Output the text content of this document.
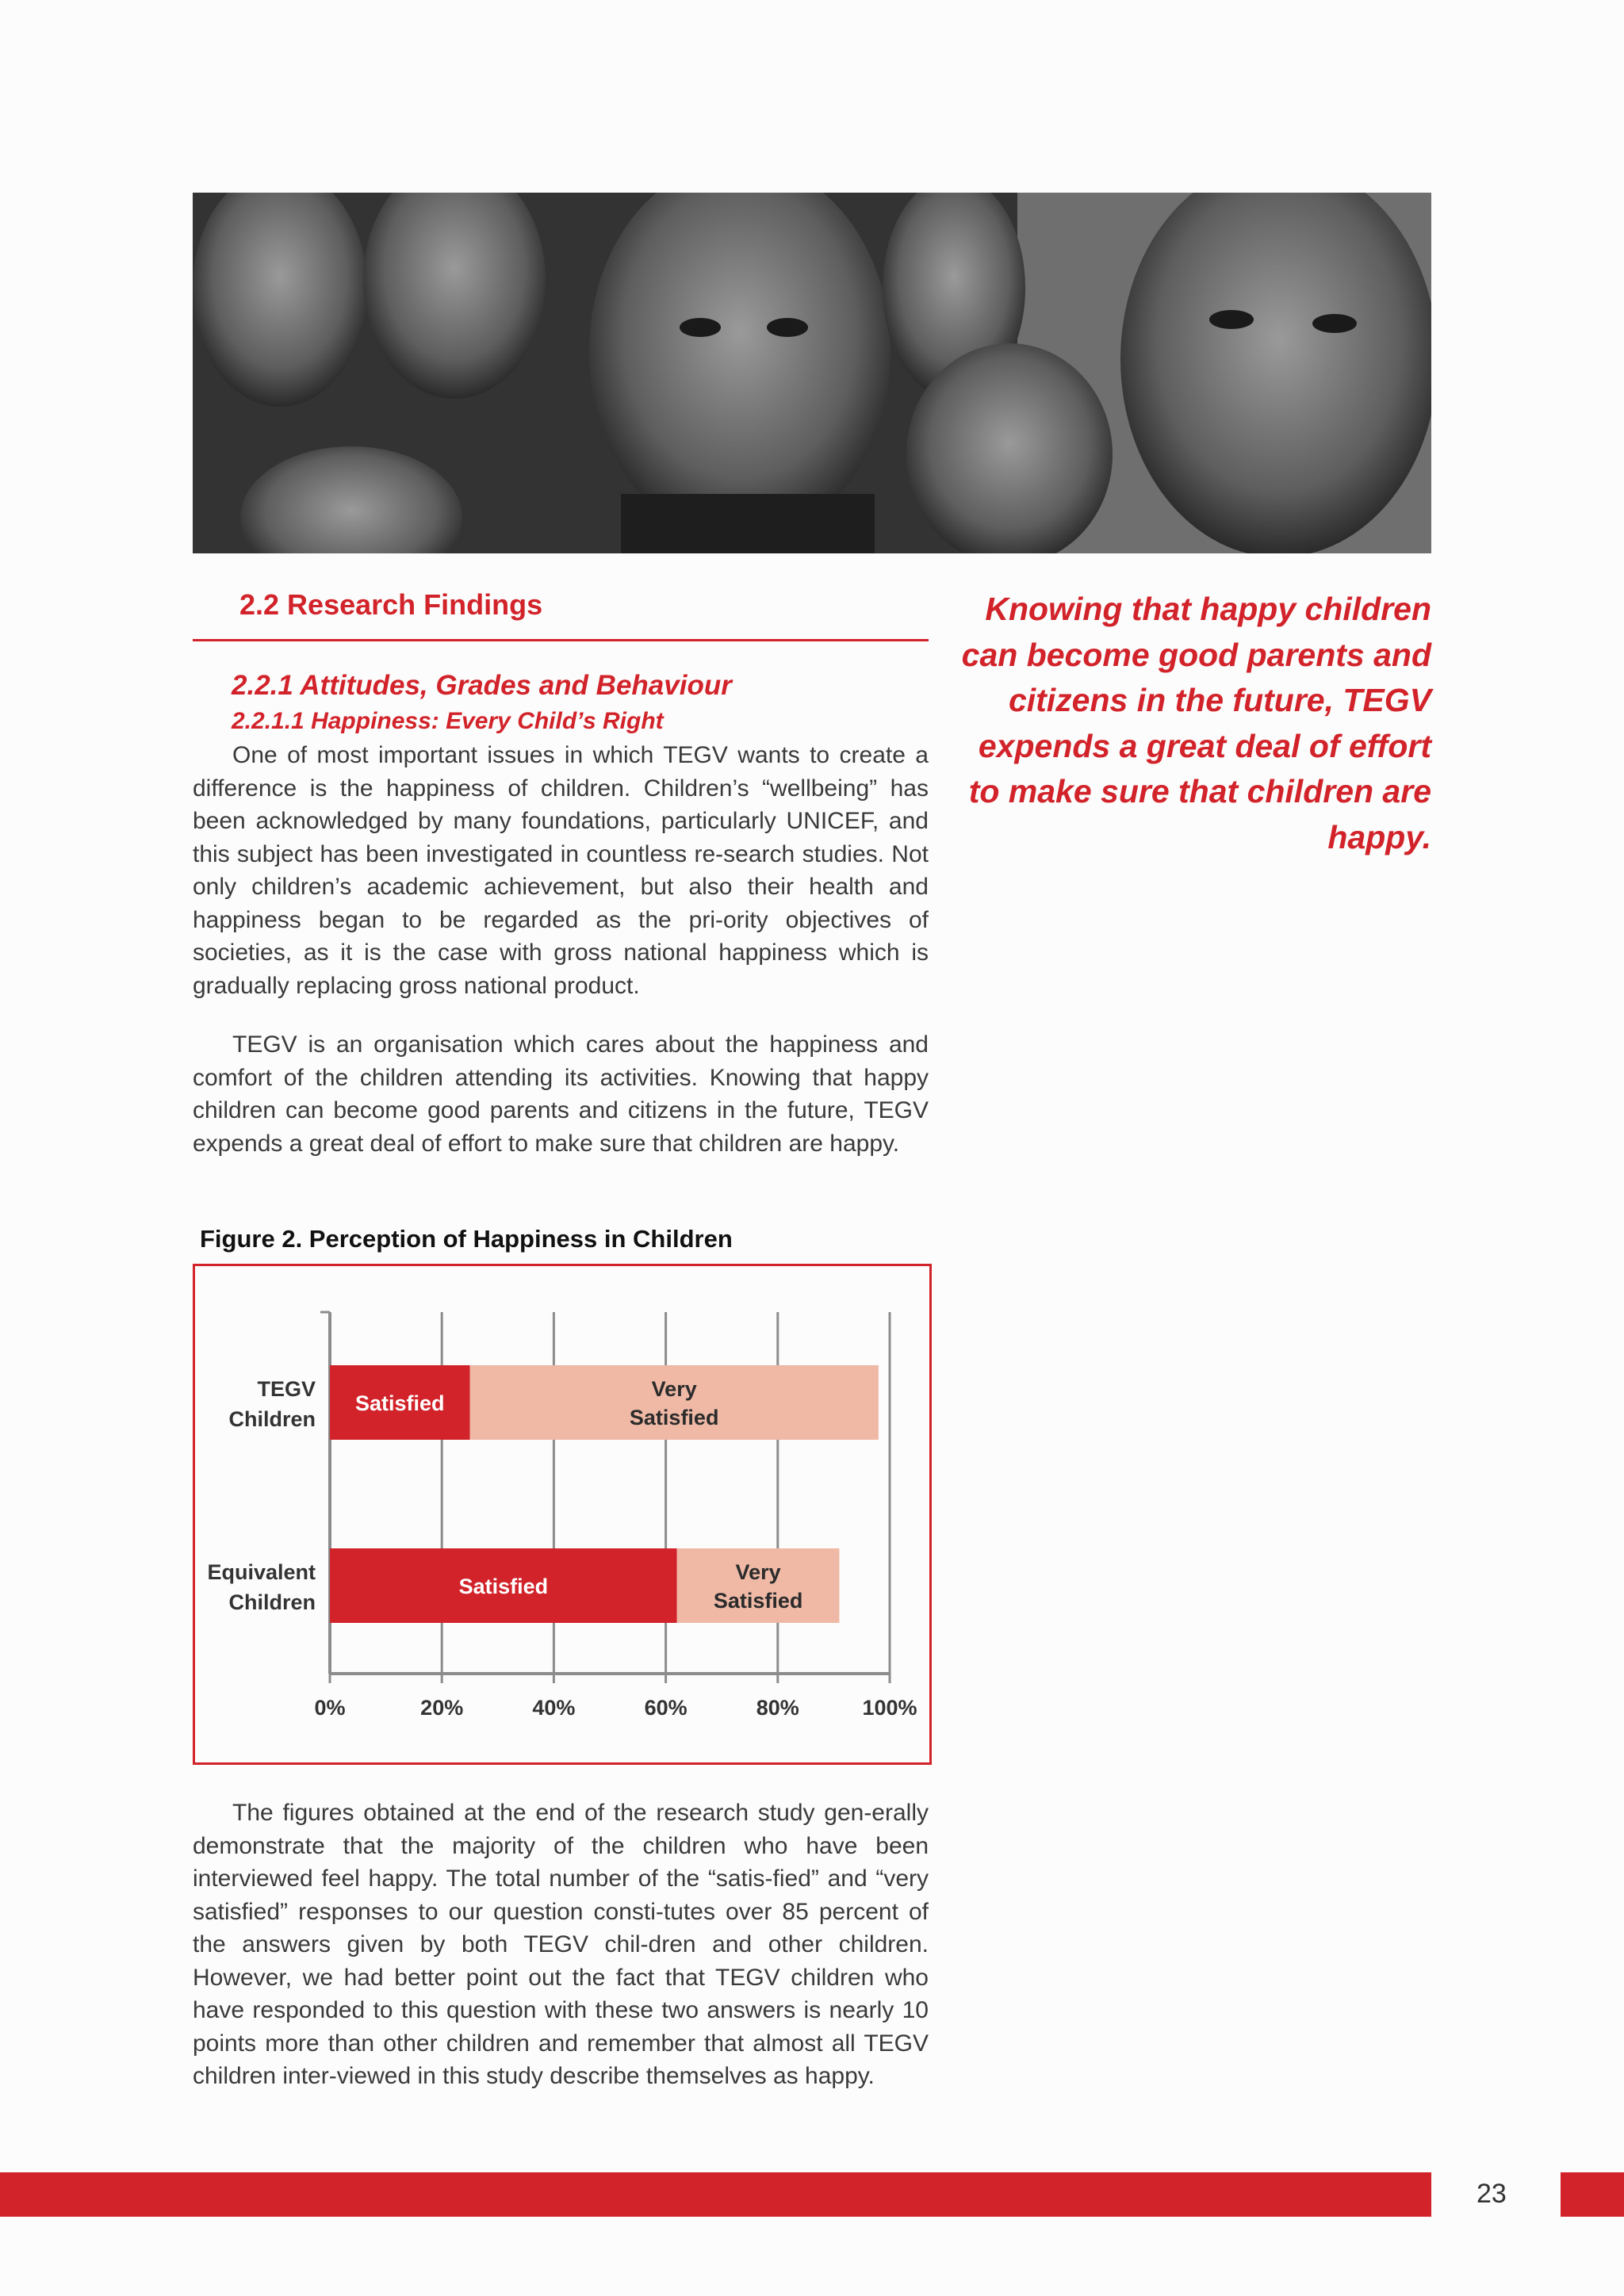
2.2 Research Findings
2.2.1 Attitudes, Grades and Behaviour
2.2.1.1 Happiness: Every Child’s Right

One of most important issues in which TEGV wants to create a difference is the happiness of children. Children’s “wellbeing” has been acknowledged by many foundations, particularly UNICEF, and this subject has been investigated in countless re-search studies. Not only children’s academic achievement, but also their health and happiness began to be regarded as the pri-ority objectives of societies, as it is the case with gross national happiness which is gradually replacing gross national product.

TEGV is an organisation which cares about the happiness and comfort of the children attending its activities. Knowing that happy children can become good parents and citizens in the future, TEGV expends a great deal of effort to make sure that children are happy.

Knowing that happy children can become good parents and citizens in the future, TEGV expends a great deal of effort to make sure that children are happy.

Figure 2. Perception of Happiness in Children

0%	20%	40%	60%	80%	100%
Satisfied
Very
Satisfied
TEGV
Children
Satisfied
Very
Satisfied
Equivalent
Children

The figures obtained at the end of the research study gen-erally demonstrate that the majority of the children who have been interviewed feel happy. The total number of the “satis-fied” and “very satisfied” responses to our question consti-tutes over 85 percent of the answers given by both TEGV chil-dren and other children. However, we had better point out the fact that TEGV children who have responded to this question with these two answers is nearly 10 points more than other children and remember that almost all TEGV children inter-viewed in this study describe themselves as happy.

23
